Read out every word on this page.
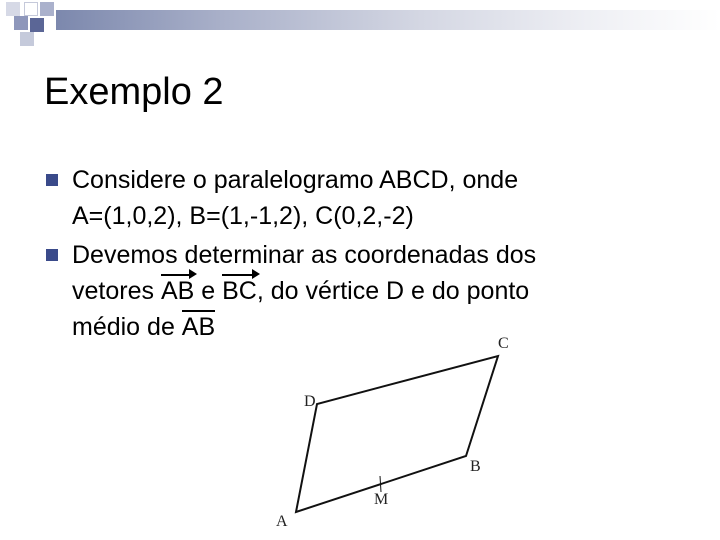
Exemplo 2
Considere o paralelogramo ABCD, onde
A=(1,0,2), B=(1,-1,2), C(0,2,-2)
Devemos determinar as coordenadas dos
vetores AB e BC, do vértice D e do ponto
médio de AB
A
B
C
D
M
